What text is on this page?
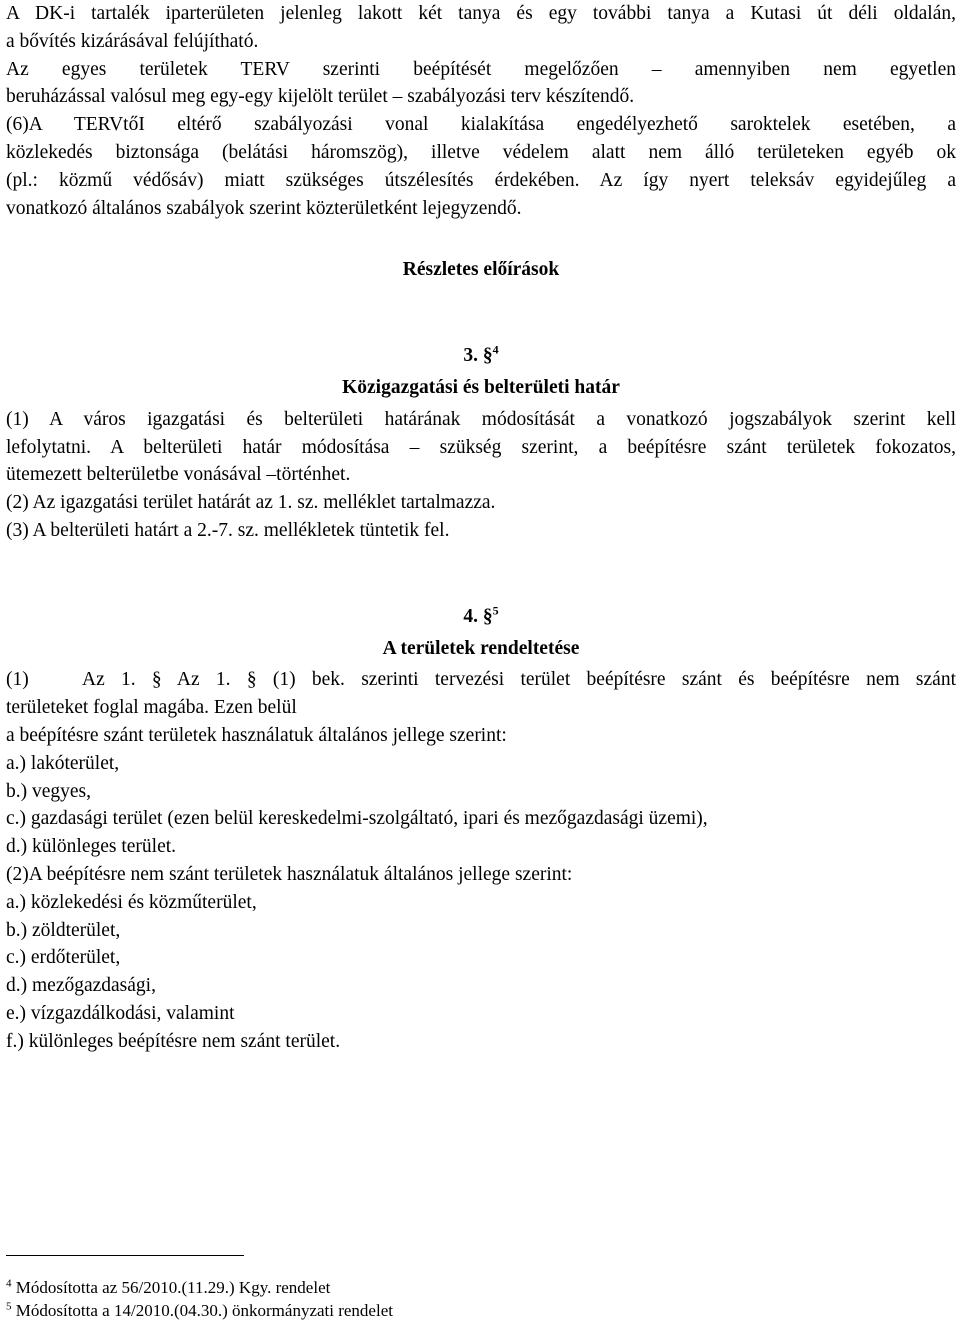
A DK-i tartalék iparterületen jelenleg lakott két tanya és egy további tanya a Kutasi út déli oldalán,

a bővítés kizárásával felújítható.

Az egyes területek TERV szerinti beépítését megelőzően – amennyiben nem egyetlen

beruházással valósul meg egy-egy kijelölt terület – szabályozási terv készítendő.

(6)A TERVtőI eltérő szabályozási vonal kialakítása engedélyezhető saroktelek esetében, a

közlekedés biztonsága (belátási háromszög), illetve védelem alatt nem álló területeken egyéb ok

(pl.: közmű védősáv) miatt szükséges útszélesítés érdekében. Az így nyert teleksáv egyidejűleg a

vonatkozó általános szabályok szerint közterületként lejegyzendő.

Részletes előírások

3. §$^4$

Közigazgatási és belterületi határ

(1) A város igazgatási és belterületi határának módosítását a vonatkozó jogszabályok szerint kell

lefolytatni. A belterületi határ módosítása – szükség szerint, a beépítésre szánt területek fokozatos,

ütemezett belterületbe vonásával –történhet.

(2) Az igazgatási terület határát az 1. sz. melléklet tartalmazza.

(3) A belterületi határt a 2.-7. sz. mellékletek tüntetik fel.

4. §$^5$

A területek rendeltetése

(1)	Az 1. § Az 1. § (1) bek. szerinti tervezési terület beépítésre szánt és beépítésre nem szánt

területeket foglal magába. Ezen belül

a beépítésre szánt területek használatuk általános jellege szerint:

a.) lakóterület,

b.) vegyes,

c.) gazdasági terület (ezen belül kereskedelmi-szolgáltató, ipari és mezőgazdasági üzemi),

d.) különleges terület.

(2)A beépítésre nem szánt területek használatuk általános jellege szerint:

a.) közlekedési és közműterület,

b.) zöldterület,

c.) erdőterület,

d.) mezőgazdasági,

e.) vízgazdálkodási, valamint

f.) különleges beépítésre nem szánt terület.

$^4$ Módosította az 56/2010.(11.29.) Kgy. rendelet

$^5$ Módosította a 14/2010.(04.30.) önkormányzati rendelet
